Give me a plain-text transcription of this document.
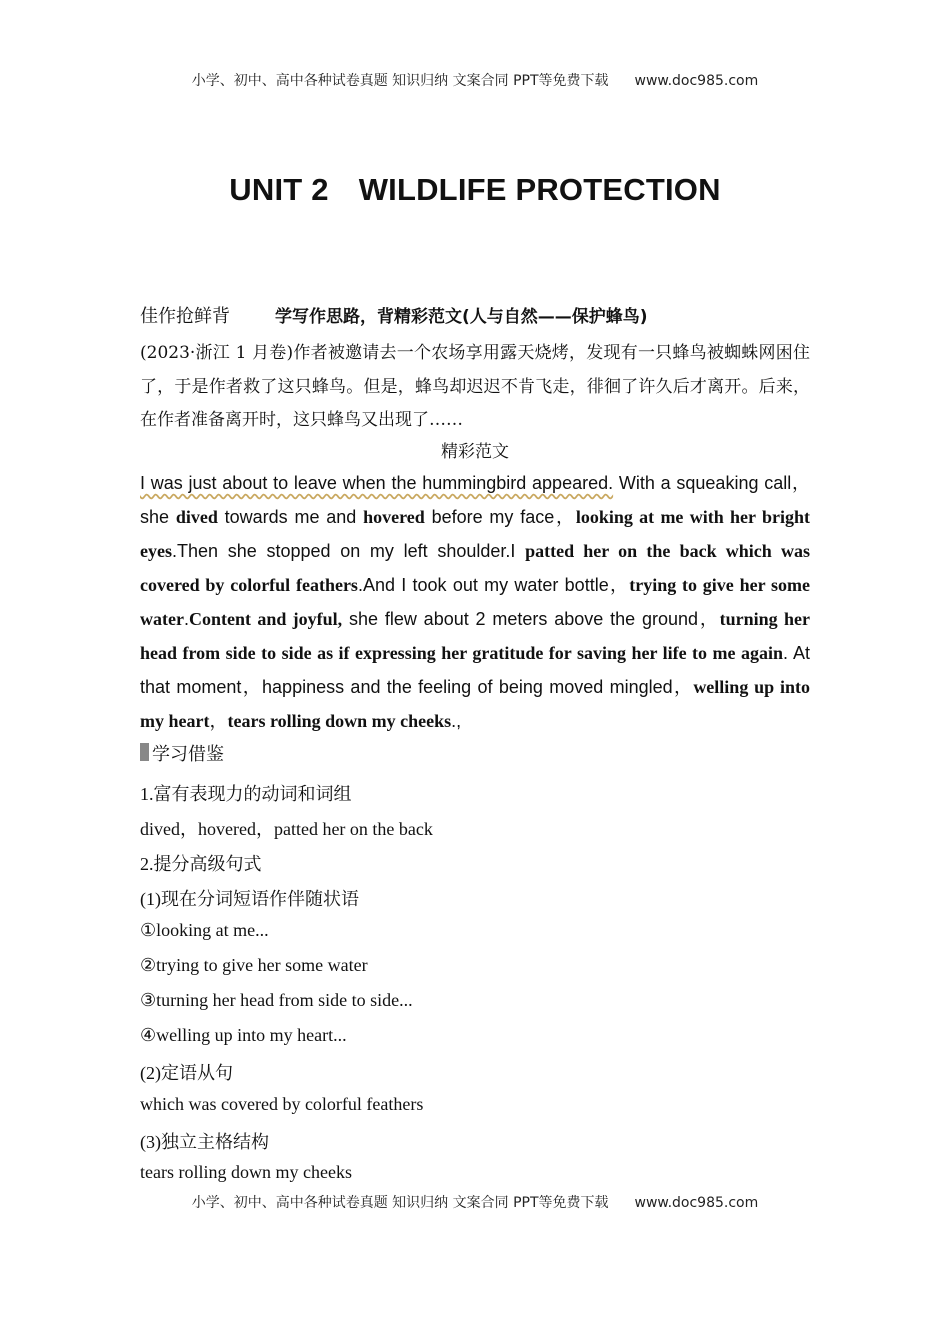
小学、初中、高中各种试卷真题 知识归纳 文案合同 PPT等免费下载 www.doc985.com
UNIT 2 WILDLIFE PROTECTION
佳作抢鲜背	学写作思路，背精彩范文(人与自然——保护蜂鸟)
(2023·浙江 1 月卷)作者被邀请去一个农场享用露天烧烤，发现有一只蜂鸟被蜘蛛网困住了，于是作者救了这只蜂鸟。但是，蜂鸟却迟迟不肯飞走，徘徊了许久后才离开。后来，在作者准备离开时，这只蜂鸟又出现了……
精彩范文
I was just about to leave when the hummingbird appeared. With a squeaking call，she dived towards me and hovered before my face，looking at me with her bright eyes.Then she stopped on my left shoulder.I patted her on the back which was covered by colorful feathers.And I took out my water bottle，trying to give her some water.Content and joyful, she flew about 2 meters above the ground，turning her head from side to side as if expressing her gratitude for saving her life to me again. At that moment，happiness and the feeling of being moved mingled，welling up into my heart，tears rolling down my cheeks.,
学习借鉴
1.富有表现力的动词和词组
dived，hovered，patted her on the back
2.提分高级句式
(1)现在分词短语作伴随状语
①looking at me...
②trying to give her some water
③turning her head from side to side...
④welling up into my heart...
(2)定语从句
which was covered by colorful feathers
(3)独立主格结构
tears rolling down my cheeks
小学、初中、高中各种试卷真题 知识归纳 文案合同 PPT等免费下载 www.doc985.com
